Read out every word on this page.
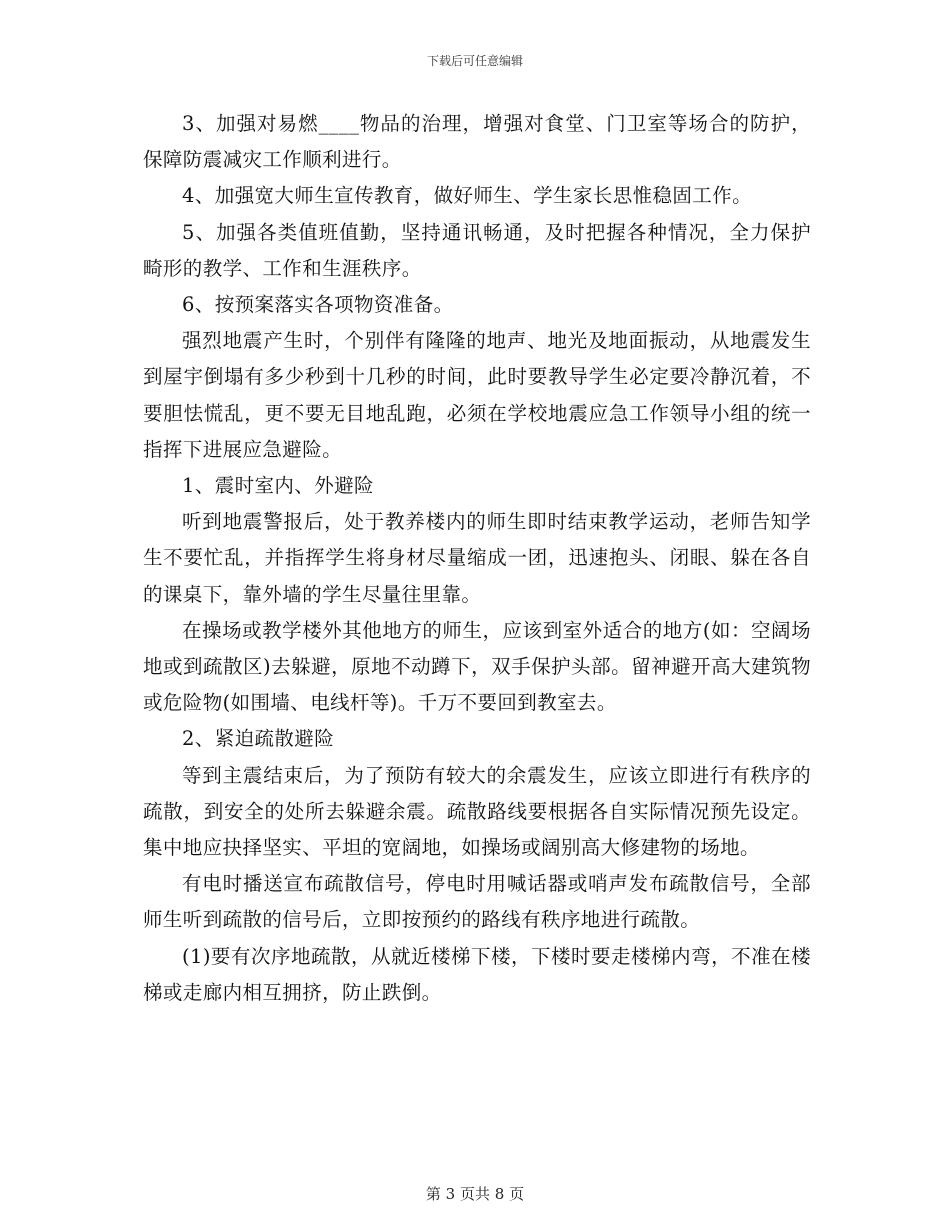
下载后可任意编辑

3、加强对易燃____物品的治理，增强对食堂、门卫室等场合的防护，保障防震减灾工作顺利进行。

4、加强宽大师生宣传教育，做好师生、学生家长思惟稳固工作。

5、加强各类值班值勤，坚持通讯畅通，及时把握各种情况，全力保护畸形的教学、工作和生涯秩序。

6、按预案落实各项物资准备。

强烈地震产生时，个别伴有隆隆的地声、地光及地面振动，从地震发生到屋宇倒塌有多少秒到十几秒的时间，此时要教导学生必定要冷静沉着，不要胆怯慌乱，更不要无目地乱跑，必须在学校地震应急工作领导小组的统一指挥下进展应急避险。

1、震时室内、外避险

听到地震警报后，处于教养楼内的师生即时结束教学运动，老师告知学生不要忙乱，并指挥学生将身材尽量缩成一团，迅速抱头、闭眼、躲在各自的课桌下，靠外墙的学生尽量往里靠。

在操场或教学楼外其他地方的师生，应该到室外适合的地方(如：空阔场地或到疏散区)去躲避，原地不动蹲下，双手保护头部。留神避开高大建筑物或危险物(如围墙、电线杆等)。千万不要回到教室去。

2、紧迫疏散避险

等到主震结束后，为了预防有较大的余震发生，应该立即进行有秩序的疏散，到安全的处所去躲避余震。疏散路线要根据各自实际情况预先设定。集中地应抉择坚实、平坦的宽阔地，如操场或阔别高大修建物的场地。

有电时播送宣布疏散信号，停电时用喊话器或哨声发布疏散信号，全部师生听到疏散的信号后，立即按预约的路线有秩序地进行疏散。

(1)要有次序地疏散，从就近楼梯下楼，下楼时要走楼梯内弯，不准在楼梯或走廊内相互拥挤，防止跌倒。

第 3 页共 8 页
